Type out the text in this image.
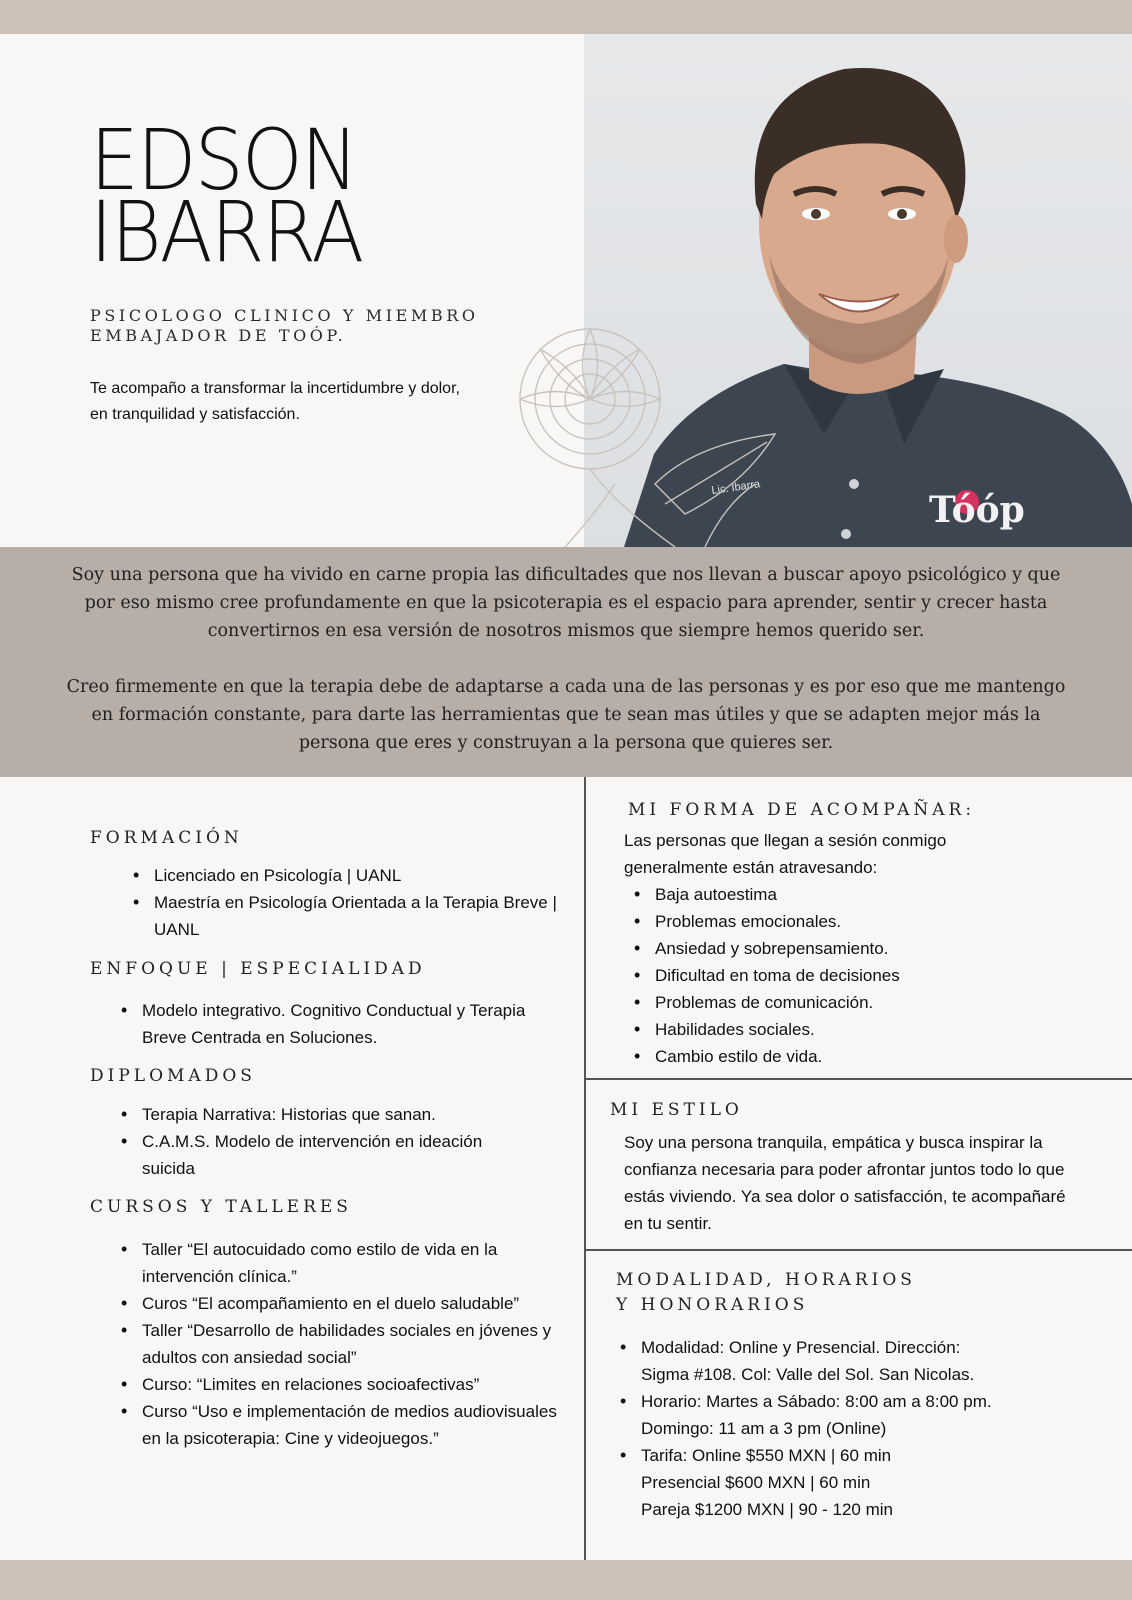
EDSON
IBARRA
PSICOLOGO CLINICO Y MIEMBRO EMBAJADOR DE TOÓP.
Te acompaño a transformar la incertidumbre y dolor, en tranquilidad y satisfacción.
Lic. Ibarra
Tóóp

Soy una persona que ha vivido en carne propia las dificultades que nos llevan a buscar apoyo psicológico y que por eso mismo cree profundamente en que la psicoterapia es el espacio para aprender, sentir y crecer hasta convertirnos en esa versión de nosotros mismos que siempre hemos querido ser.

Creo firmemente en que la terapia debe de adaptarse a cada una de las personas y es por eso que me mantengo en formación constante, para darte las herramientas que te sean mas útiles y que se adapten mejor más la persona que eres y construyan a la persona que quieres ser.

FORMACIÓN
• Licenciado en Psicología | UANL
• Maestría en Psicología Orientada a la Terapia Breve | UANL
ENFOQUE | ESPECIALIDAD
• Modelo integrativo. Cognitivo Conductual y Terapia Breve Centrada en Soluciones.
DIPLOMADOS
• Terapia Narrativa: Historias que sanan.
• C.A.M.S. Modelo de intervención en ideación suicida
CURSOS Y TALLERES
• Taller “El autocuidado como estilo de vida en la intervención clínica.”
• Curos “El acompañamiento en el duelo saludable”
• Taller “Desarrollo de habilidades sociales en jóvenes y adultos con ansiedad social”
• Curso: “Limites en relaciones socioafectivas”
• Curso “Uso e implementación de medios audiovisuales en la psicoterapia: Cine y videojuegos.”
MI FORMA DE ACOMPAÑAR:
Las personas que llegan a sesión conmigo generalmente están atravesando:
• Baja autoestima
• Problemas emocionales.
• Ansiedad y sobrepensamiento.
• Dificultad en toma de decisiones
• Problemas de comunicación.
• Habilidades sociales.
• Cambio estilo de vida.
MI ESTILO
Soy una persona tranquila, empática y busca inspirar la confianza necesaria para poder afrontar juntos todo lo que estás viviendo. Ya sea dolor o satisfacción, te acompañaré en tu sentir.
MODALIDAD, HORARIOS
Y HONORARIOS
• Modalidad: Online y Presencial. Dirección:
Sigma #108. Col: Valle del Sol. San Nicolas.
• Horario: Martes a Sábado: 8:00 am a 8:00 pm.
Domingo: 11 am a 3 pm (Online)
• Tarifa: Online $550 MXN | 60 min
Presencial $600 MXN | 60 min
Pareja $1200 MXN | 90 - 120 min
